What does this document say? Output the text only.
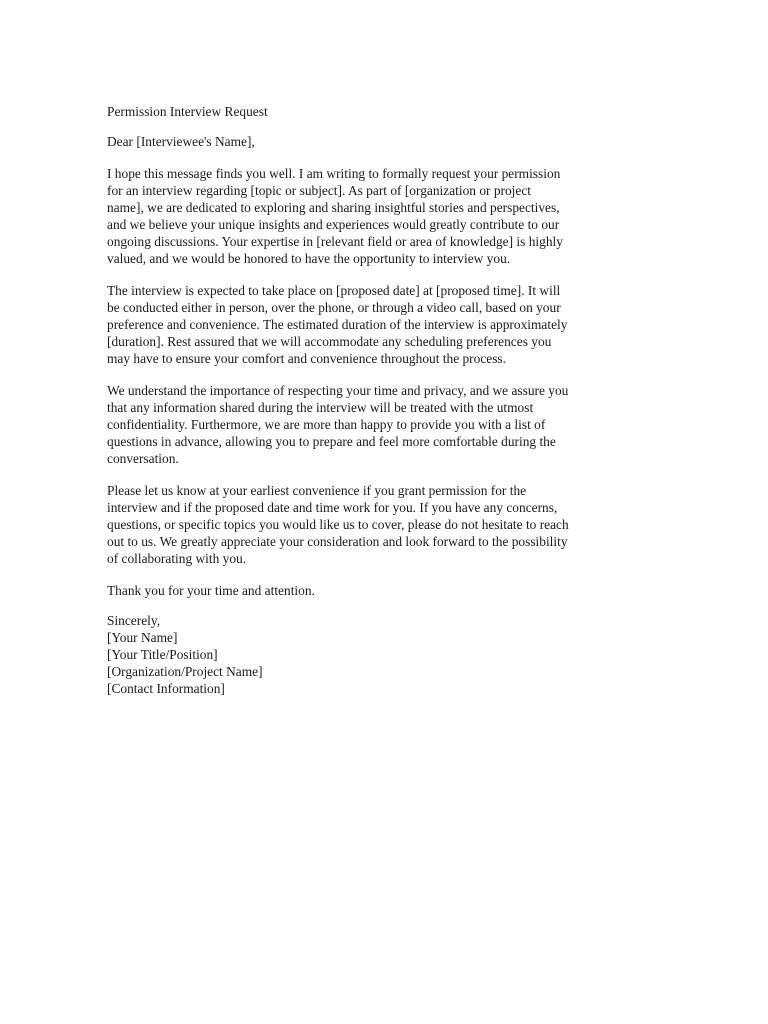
Permission Interview Request
Dear [Interviewee's Name],
I hope this message finds you well. I am writing to formally request your permission
for an interview regarding [topic or subject]. As part of [organization or project
name], we are dedicated to exploring and sharing insightful stories and perspectives,
and we believe your unique insights and experiences would greatly contribute to our
ongoing discussions. Your expertise in [relevant field or area of knowledge] is highly
valued, and we would be honored to have the opportunity to interview you.
The interview is expected to take place on [proposed date] at [proposed time]. It will
be conducted either in person, over the phone, or through a video call, based on your
preference and convenience. The estimated duration of the interview is approximately
[duration]. Rest assured that we will accommodate any scheduling preferences you
may have to ensure your comfort and convenience throughout the process.
We understand the importance of respecting your time and privacy, and we assure you
that any information shared during the interview will be treated with the utmost
confidentiality. Furthermore, we are more than happy to provide you with a list of
questions in advance, allowing you to prepare and feel more comfortable during the
conversation.
Please let us know at your earliest convenience if you grant permission for the
interview and if the proposed date and time work for you. If you have any concerns,
questions, or specific topics you would like us to cover, please do not hesitate to reach
out to us. We greatly appreciate your consideration and look forward to the possibility
of collaborating with you.
Thank you for your time and attention.
Sincerely,
[Your Name]
[Your Title/Position]
[Organization/Project Name]
[Contact Information]
